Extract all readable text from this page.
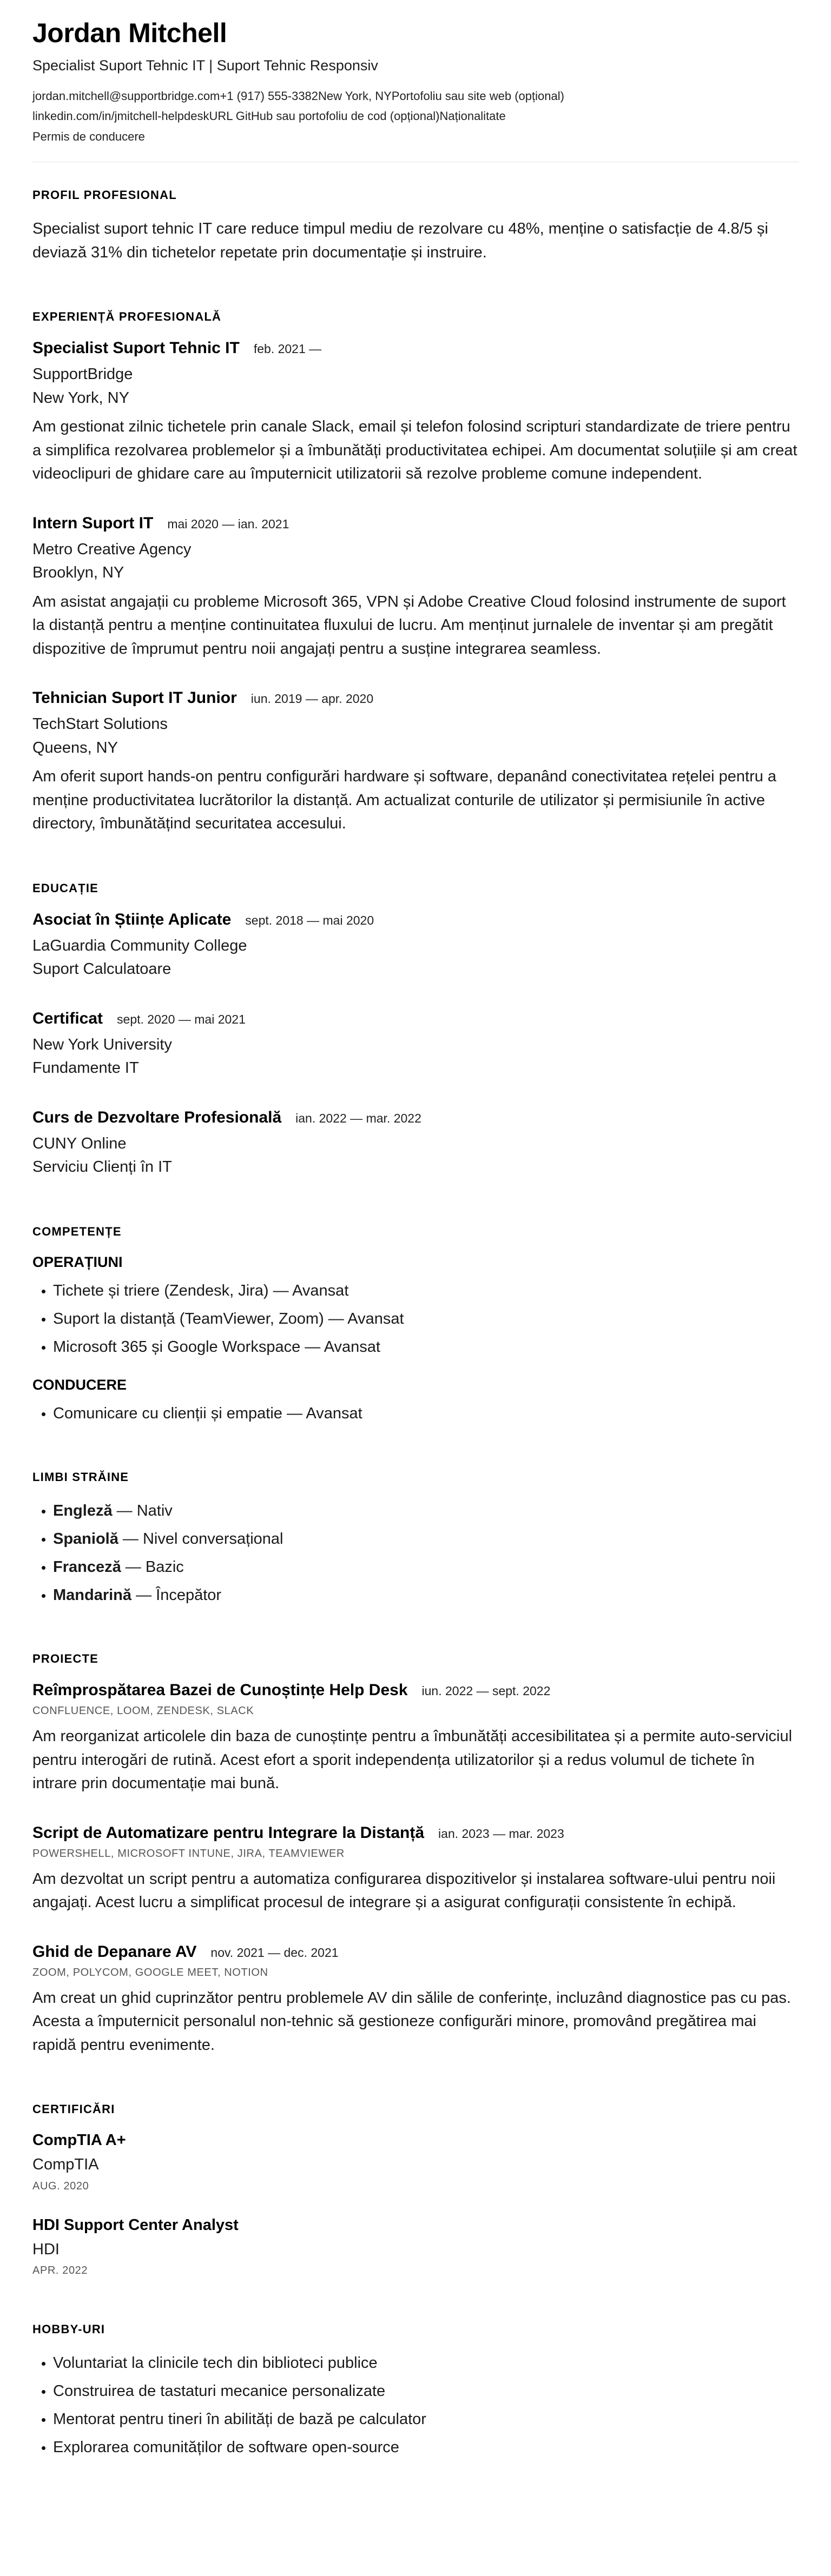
Jordan Mitchell
Specialist Suport Tehnic IT | Suport Tehnic Responsiv
jordan.mitchell@supportbridge.com+1 (917) 555-3382New York, NYPortofoliu sau site web (opțional)
linkedin.com/in/jmitchell-helpdeskURL GitHub sau portofoliu de cod (opțional)Naționalitate
Permis de conducere
PROFIL PROFESIONAL

Specialist suport tehnic IT care reduce timpul mediu de rezolvare cu 48%, menține o satisfacție de 4.8/5 și deviază 31% din tichetelor repetate prin documentație și instruire.

EXPERIENȚĂ PROFESIONALĂ
Specialist Suport Tehnic IT feb. 2021 —
SupportBridge
New York, NY

Am gestionat zilnic tichetele prin canale Slack, email și telefon folosind scripturi standardizate de triere pentru a simplifica rezolvarea problemelor și a îmbunătăți productivitatea echipei. Am documentat soluțiile și am creat videoclipuri de ghidare care au împuternicit utilizatorii să rezolve probleme comune independent.

Intern Suport IT mai 2020 — ian. 2021
Metro Creative Agency
Brooklyn, NY

Am asistat angajații cu probleme Microsoft 365, VPN și Adobe Creative Cloud folosind instrumente de suport la distanță pentru a menține continuitatea fluxului de lucru. Am menținut jurnalele de inventar și am pregătit dispozitive de împrumut pentru noii angajați pentru a susține integrarea seamless.

Tehnician Suport IT Junior iun. 2019 — apr. 2020
TechStart Solutions
Queens, NY

Am oferit suport hands-on pentru configurări hardware și software, depanând conectivitatea rețelei pentru a menține productivitatea lucrătorilor la distanță. Am actualizat conturile de utilizator și permisiunile în active directory, îmbunătățind securitatea accesului.

EDUCAȚIE
Asociat în Științe Aplicate sept. 2018 — mai 2020
LaGuardia Community College
Suport Calculatoare
Certificat sept. 2020 — mai 2021
New York University
Fundamente IT
Curs de Dezvoltare Profesională ian. 2022 — mar. 2022
CUNY Online
Serviciu Clienți în IT
COMPETENȚE
OPERAȚIUNI
• Tichete și triere (Zendesk, Jira) — Avansat
• Suport la distanță (TeamViewer, Zoom) — Avansat
• Microsoft 365 și Google Workspace — Avansat
CONDUCERE
• Comunicare cu clienții și empatie — Avansat
LIMBI STRĂINE
• Engleză — Nativ
• Spaniolă — Nivel conversațional
• Franceză — Bazic
• Mandarină — Începător
PROIECTE
Reîmprospătarea Bazei de Cunoștințe Help Desk iun. 2022 — sept. 2022
CONFLUENCE, LOOM, ZENDESK, SLACK

Am reorganizat articolele din baza de cunoștințe pentru a îmbunătăți accesibilitatea și a permite auto-serviciul pentru interogări de rutină. Acest efort a sporit independența utilizatorilor și a redus volumul de tichete în intrare prin documentație mai bună.

Script de Automatizare pentru Integrare la Distanță ian. 2023 — mar. 2023
POWERSHELL, MICROSOFT INTUNE, JIRA, TEAMVIEWER

Am dezvoltat un script pentru a automatiza configurarea dispozitivelor și instalarea software-ului pentru noii angajați. Acest lucru a simplificat procesul de integrare și a asigurat configurații consistente în echipă.

Ghid de Depanare AV nov. 2021 — dec. 2021
ZOOM, POLYCOM, GOOGLE MEET, NOTION

Am creat un ghid cuprinzător pentru problemele AV din sălile de conferințe, incluzând diagnostice pas cu pas. Acesta a împuternicit personalul non-tehnic să gestioneze configurări minore, promovând pregătirea mai rapidă pentru evenimente.

CERTIFICĂRI
CompTIA A+
CompTIA
AUG. 2020
HDI Support Center Analyst
HDI
APR. 2022
HOBBY-URI
• Voluntariat la clinicile tech din biblioteci publice
• Construirea de tastaturi mecanice personalizate
• Mentorat pentru tineri în abilități de bază pe calculator
• Explorarea comunităților de software open-source
